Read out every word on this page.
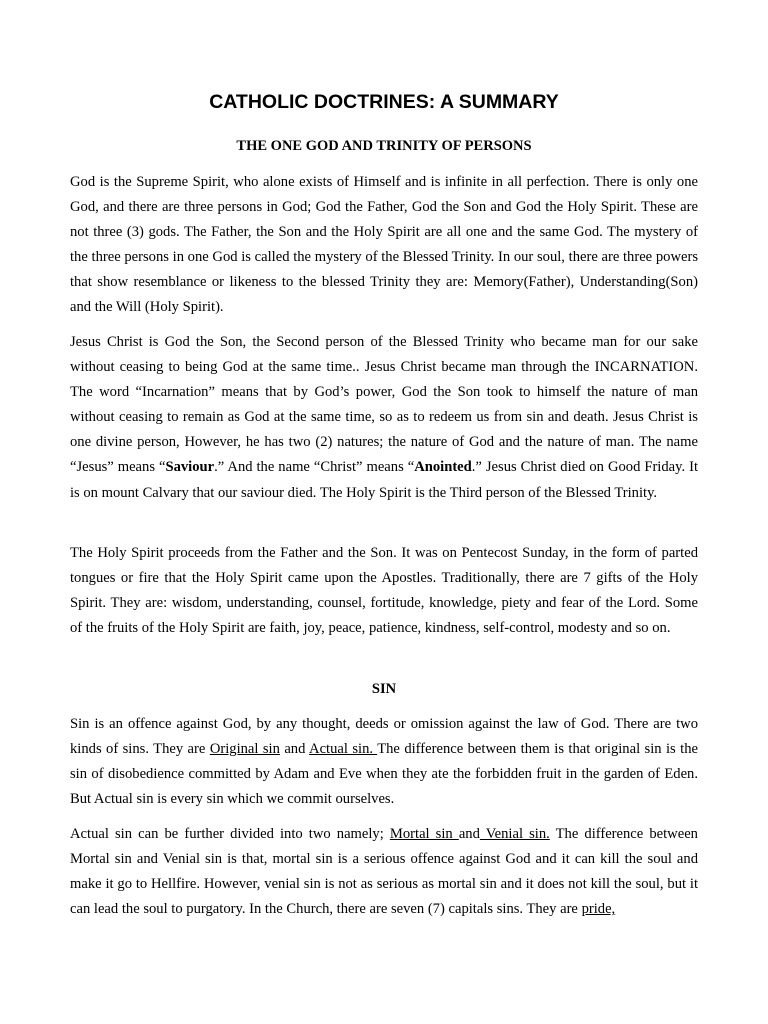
CATHOLIC DOCTRINES: A SUMMARY
THE ONE GOD AND TRINITY OF PERSONS

God is the Supreme Spirit, who alone exists of Himself and is infinite in all perfection. There is only one God, and there are three persons in God; God the Father, God the Son and God the Holy Spirit. These are not three (3) gods. The Father, the Son and the Holy Spirit are all one and the same God. The mystery of the three persons in one God is called the mystery of the Blessed Trinity. In our soul, there are three powers that show resemblance or likeness to the blessed Trinity they are: Memory(Father), Understanding(Son) and the Will (Holy Spirit).

Jesus Christ is God the Son, the Second person of the Blessed Trinity who became man for our sake without ceasing to being God at the same time.. Jesus Christ became man through the INCARNATION. The word “Incarnation” means that by God’s power, God the Son took to himself the nature of man without ceasing to remain as God at the same time, so as to redeem us from sin and death. Jesus Christ is one divine person, However, he has two (2) natures; the nature of God and the nature of man. The name “Jesus” means “Saviour.” And the name “Christ” means “Anointed.” Jesus Christ died on Good Friday. It is on mount Calvary that our saviour died. The Holy Spirit is the Third person of the Blessed Trinity.

The Holy Spirit proceeds from the Father and the Son. It was on Pentecost Sunday, in the form of parted tongues or fire that the Holy Spirit came upon the Apostles. Traditionally, there are 7 gifts of the Holy Spirit. They are: wisdom, understanding, counsel, fortitude, knowledge, piety and fear of the Lord. Some of the fruits of the Holy Spirit are faith, joy, peace, patience, kindness, self-control, modesty and so on.

SIN

Sin is an offence against God, by any thought, deeds or omission against the law of God. There are two kinds of sins. They are Original sin and Actual sin. The difference between them is that original sin is the sin of disobedience committed by Adam and Eve when they ate the forbidden fruit in the garden of Eden. But Actual sin is every sin which we commit ourselves.

Actual sin can be further divided into two namely; Mortal sin and Venial sin. The difference between Mortal sin and Venial sin is that, mortal sin is a serious offence against God and it can kill the soul and make it go to Hellfire. However, venial sin is not as serious as mortal sin and it does not kill the soul, but it can lead the soul to purgatory. In the Church, there are seven (7) capitals sins. They are pride,
